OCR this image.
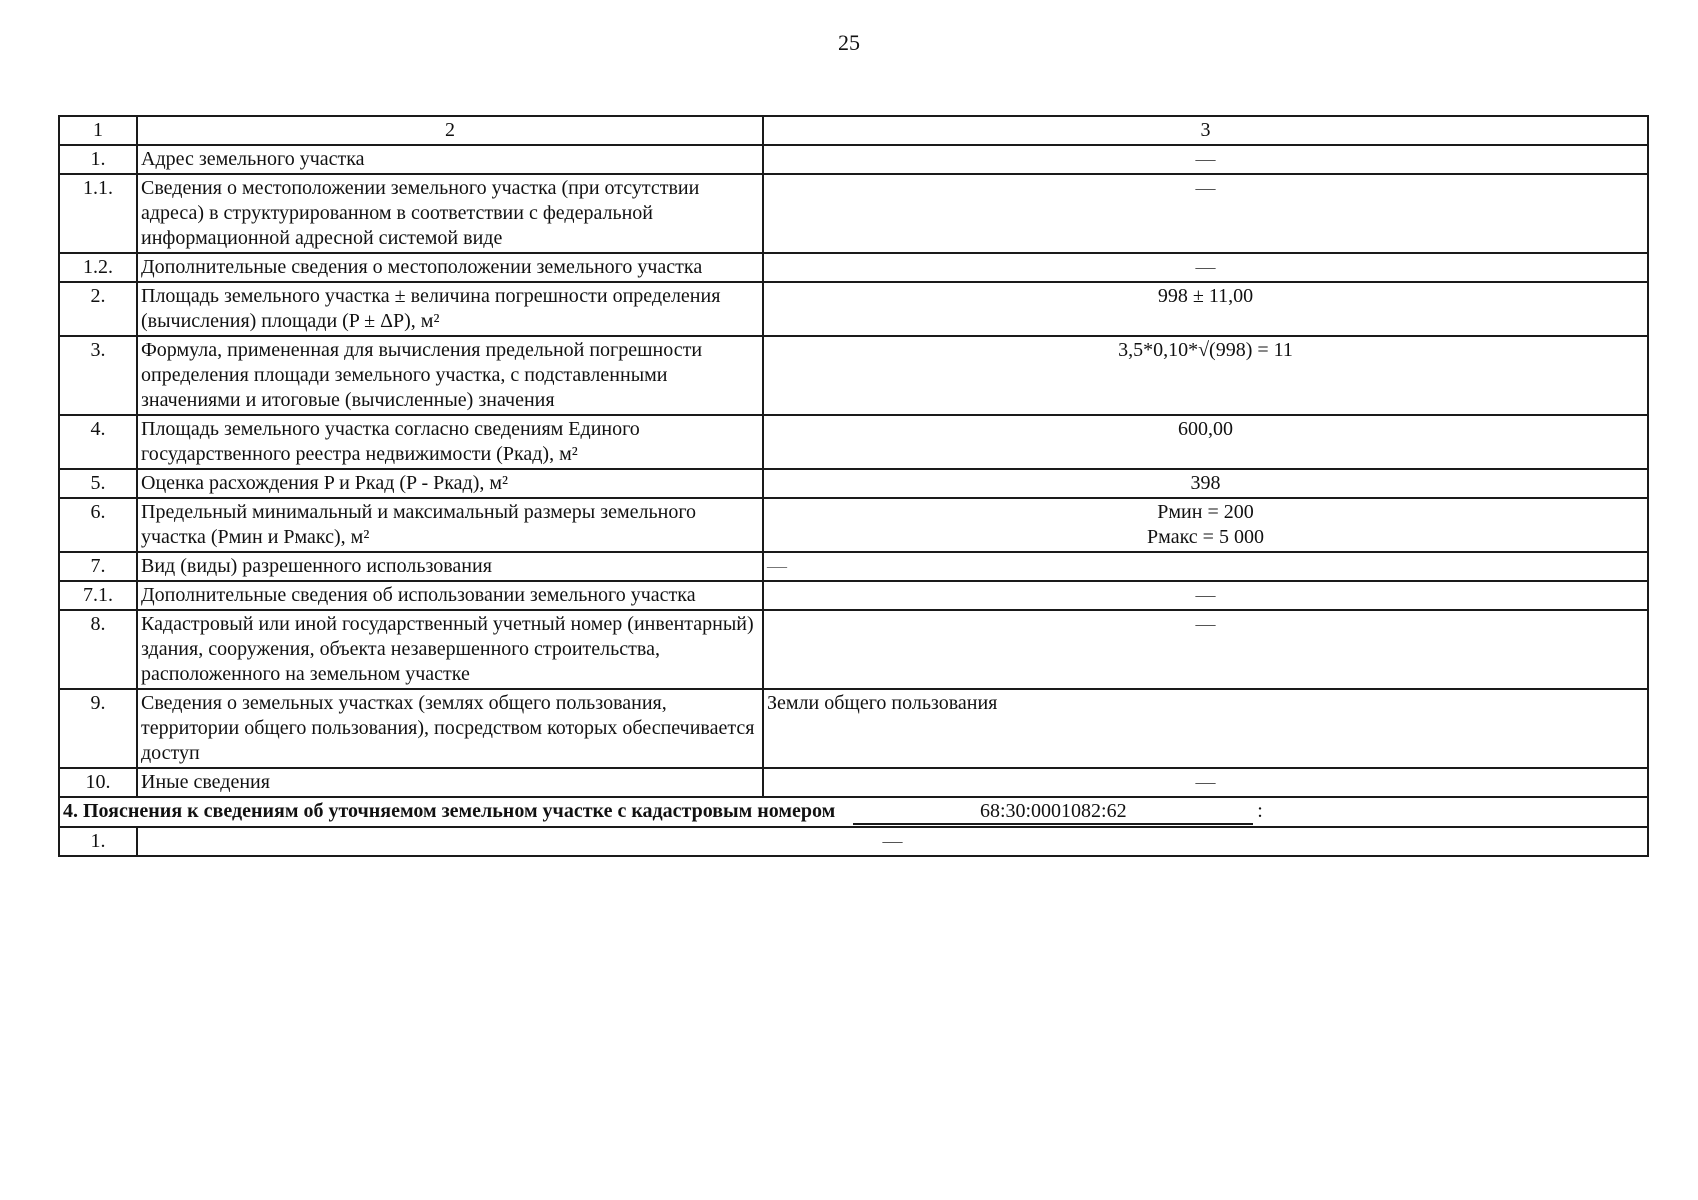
25
1	2	3
1.	Адрес земельного участка	—
1.1.	Сведения о местоположении земельного участка (при отсутствии адреса) в структурированном в соответствии с федеральной информационной адресной системой виде	—
1.2.	Дополнительные сведения о местоположении земельного участка	—
2.	Площадь земельного участка ± величина погрешности определения (вычисления) площади (P ± ΔP), м²	998 ± 11,00
3.	Формула, примененная для вычисления предельной погрешности определения площади земельного участка, с подставленными значениями и итоговые (вычисленные) значения	3,5*0,10*√(998) = 11
4.	Площадь земельного участка согласно сведениям Единого государственного реестра недвижимости (Pкад), м²	600,00
5.	Оценка расхождения P и Pкад (P - Pкад), м²	398
6.	Предельный минимальный и максимальный размеры земельного участка (Pмин и Pмакс), м²	Pмин = 200
Pмакс = 5 000

7.	Вид (виды) разрешенного использования	—
7.1.	Дополнительные сведения об использовании земельного участка	—
8.	Кадастровый или иной государственный учетный номер (инвентарный) здания, сооружения, объекта незавершенного строительства, расположенного на земельном участке	—
9.	Сведения о земельных участках (землях общего пользования, территории общего пользования), посредством которых обеспечивается доступ	Земли общего пользования
10.	Иные сведения	—
4. Пояснения к сведениям об уточняемом земельном участке с кадастровым номером 68:30:0001082:62 :		
1.	—	
